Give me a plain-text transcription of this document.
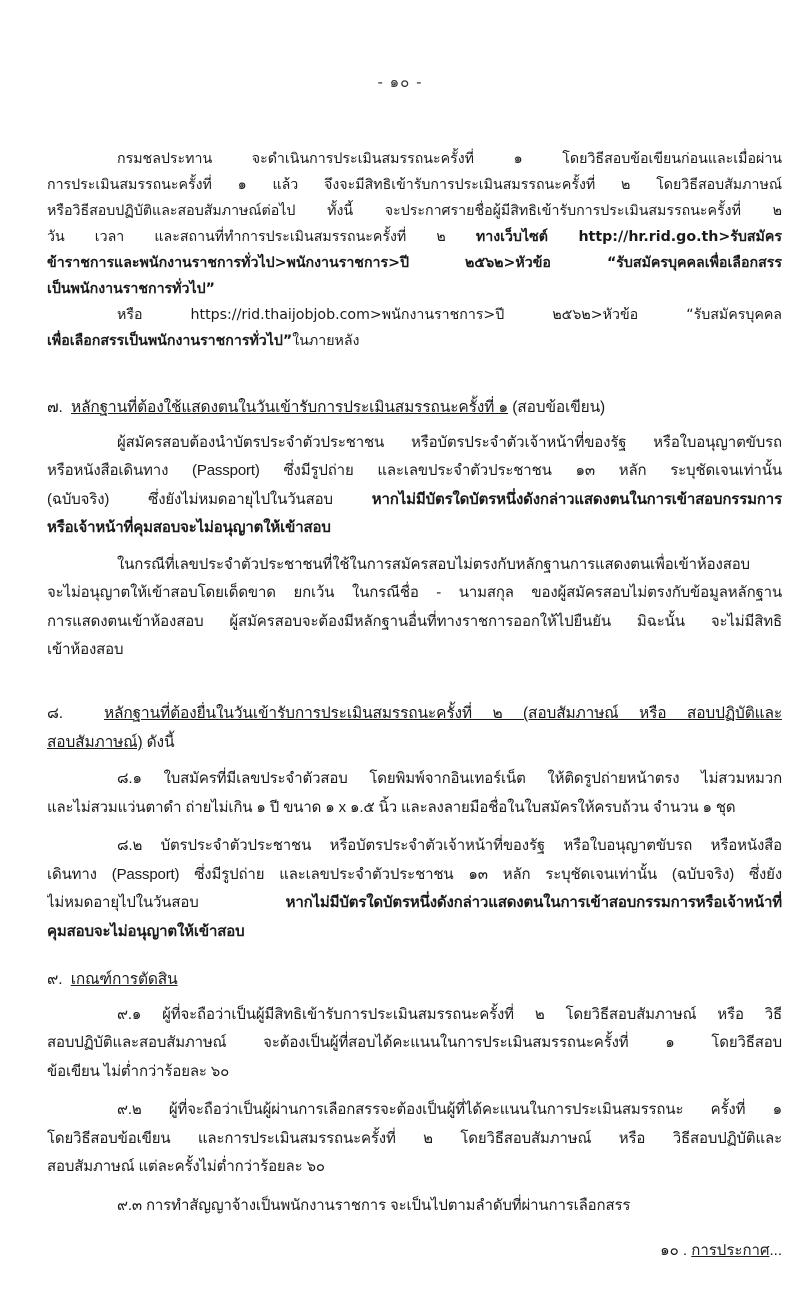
- ๑๐ -
กรมชลประทาน จะดำเนินการประเมินสมรรถนะครั้งที่ ๑ โดยวิธีสอบข้อเขียนก่อนและเมื่อผ่าน
การประเมินสมรรถนะครั้งที่ ๑ แล้ว จึงจะมีสิทธิเข้ารับการประเมินสมรรถนะครั้งที่ ๒ โดยวิธีสอบสัมภาษณ์
หรือวิธีสอบปฏิบัติและสอบสัมภาษณ์ต่อไป ทั้งนี้ จะประกาศรายชื่อผู้มีสิทธิเข้ารับการประเมินสมรรถนะครั้งที่ ๒
วัน เวลา และสถานที่ทำการประเมินสมรรถนะครั้งที่ ๒ ทางเว็บไซต์ http://hr.rid.go.th>รับสมัคร
ข้าราชการและพนักงานราชการทั่วไป>พนักงานราชการ>ปี ๒๕๖๒>หัวข้อ “รับสมัครบุคคลเพื่อเลือกสรร
เป็นพนักงานราชการทั่วไป”
หรือ https://rid.thaijobjob.com>พนักงานราชการ>ปี ๒๕๖๒>หัวข้อ “รับสมัครบุคคล
เพื่อเลือกสรรเป็นพนักงานราชการทั่วไป”ในภายหลัง
๗. หลักฐานที่ต้องใช้แสดงตนในวันเข้ารับการประเมินสมรรถนะครั้งที่ ๑ (สอบข้อเขียน)
ผู้สมัครสอบต้องนำบัตรประจำตัวประชาชน หรือบัตรประจำตัวเจ้าหน้าที่ของรัฐ หรือใบอนุญาตขับรถ
หรือหนังสือเดินทาง (Passport) ซึ่งมีรูปถ่าย และเลขประจำตัวประชาชน ๑๓ หลัก ระบุชัดเจนเท่านั้น
(ฉบับจริง) ซึ่งยังไม่หมดอายุไปในวันสอบ	หากไม่มีบัตรใดบัตรหนึ่งดังกล่าวแสดงตนในการเข้าสอบกรรมการ
หรือเจ้าหน้าที่คุมสอบจะไม่อนุญาตให้เข้าสอบ
ในกรณีที่เลขประจำตัวประชาชนที่ใช้ในการสมัครสอบไม่ตรงกับหลักฐานการแสดงตนเพื่อเข้าห้องสอบ
จะไม่อนุญาตให้เข้าสอบโดยเด็ดขาด ยกเว้น ในกรณีชื่อ - นามสกุล ของผู้สมัครสอบไม่ตรงกับข้อมูลหลักฐาน
การแสดงตนเข้าห้องสอบ ผู้สมัครสอบจะต้องมีหลักฐานอื่นที่ทางราชการออกให้ไปยืนยัน มิฉะนั้น จะไม่มีสิทธิ
เข้าห้องสอบ
๘.	หลักฐานที่ต้องยื่นในวันเข้ารับการประเมินสมรรถนะครั้งที่ ๒ (สอบสัมภาษณ์ หรือ สอบปฏิบัติและ
สอบสัมภาษณ์) ดังนี้
๘.๑ ใบสมัครที่มีเลขประจำตัวสอบ โดยพิมพ์จากอินเทอร์เน็ต ให้ติดรูปถ่ายหน้าตรง ไม่สวมหมวก
และไม่สวมแว่นตาดำ ถ่ายไม่เกิน ๑ ปี ขนาด ๑ x ๑.๕ นิ้ว และลงลายมือชื่อในใบสมัครให้ครบถ้วน จำนวน ๑ ชุด
๘.๒ บัตรประจำตัวประชาชน หรือบัตรประจำตัวเจ้าหน้าที่ของรัฐ หรือใบอนุญาตขับรถ หรือหนังสือ
เดินทาง (Passport) ซึ่งมีรูปถ่าย และเลขประจำตัวประชาชน ๑๓ หลัก ระบุชัดเจนเท่านั้น (ฉบับจริง) ซึ่งยัง
ไม่หมดอายุไปในวันสอบ	หากไม่มีบัตรใดบัตรหนึ่งดังกล่าวแสดงตนในการเข้าสอบกรรมการหรือเจ้าหน้าที่
คุมสอบจะไม่อนุญาตให้เข้าสอบ
๙. เกณฑ์การตัดสิน
๙.๑ ผู้ที่จะถือว่าเป็นผู้มีสิทธิเข้ารับการประเมินสมรรถนะครั้งที่ ๒ โดยวิธีสอบสัมภาษณ์ หรือ วิธี
สอบปฏิบัติและสอบสัมภาษณ์ จะต้องเป็นผู้ที่สอบได้คะแนนในการประเมินสมรรถนะครั้งที่ ๑ โดยวิธีสอบ
ข้อเขียน ไม่ต่ำกว่าร้อยละ ๖๐
๙.๒ ผู้ที่จะถือว่าเป็นผู้ผ่านการเลือกสรรจะต้องเป็นผู้ที่ได้คะแนนในการประเมินสมรรถนะ ครั้งที่ ๑
โดยวิธีสอบข้อเขียน และการประเมินสมรรถนะครั้งที่ ๒ โดยวิธีสอบสัมภาษณ์ หรือ วิธีสอบปฏิบัติและ
สอบสัมภาษณ์ แต่ละครั้งไม่ต่ำกว่าร้อยละ ๖๐
๙.๓ การทำสัญญาจ้างเป็นพนักงานราชการ จะเป็นไปตามลำดับที่ผ่านการเลือกสรร
๑๐ . การประกาศ...
